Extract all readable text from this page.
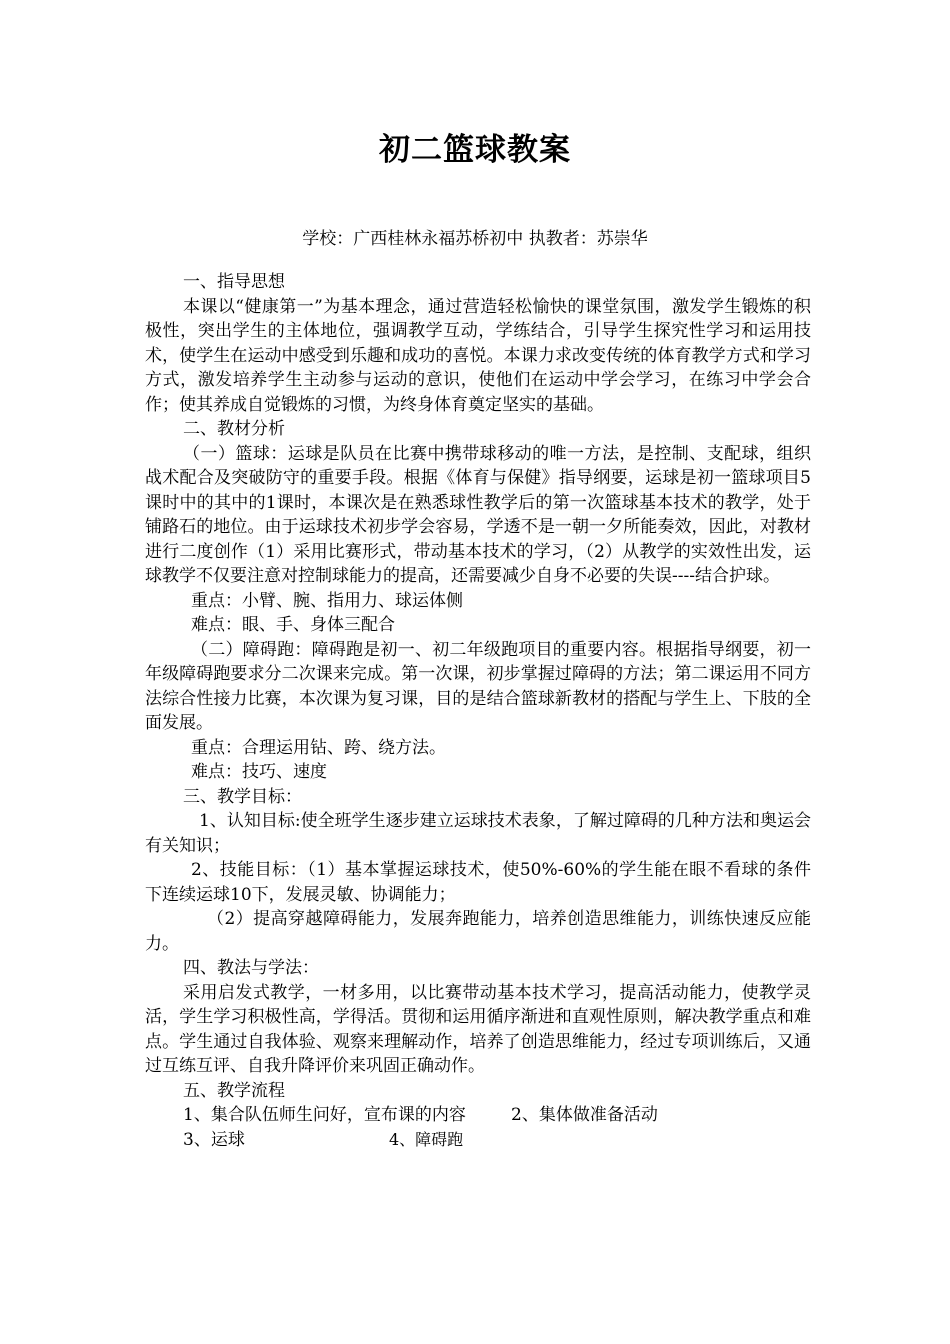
初二篮球教案

学校：广西桂林永福苏桥初中 执教者：苏崇华

一、指导思想

本课以“健康第一”为基本理念，通过营造轻松愉快的课堂氛围，激发学生锻炼的积极性，突出学生的主体地位，强调教学互动，学练结合，引导学生探究性学习和运用技术，使学生在运动中感受到乐趣和成功的喜悦。本课力求改变传统的体育教学方式和学习方式，激发培养学生主动参与运动的意识，使他们在运动中学会学习，在练习中学会合作；使其养成自觉锻炼的习惯，为终身体育奠定坚实的基础。

二、教材分析

（一）篮球：运球是队员在比赛中携带球移动的唯一方法，是控制、支配球，组织战术配合及突破防守的重要手段。根据《体育与保健》指导纲要，运球是初一篮球项目5课时中的其中的1课时，本课次是在熟悉球性教学后的第一次篮球基本技术的教学，处于铺路石的地位。由于运球技术初步学会容易，学透不是一朝一夕所能奏效，因此，对教材进行二度创作（1）采用比赛形式，带动基本技术的学习，（2）从教学的实效性出发，运球教学不仅要注意对控制球能力的提高，还需要减少自身不必要的失误----结合护球。

重点：小臂、腕、指用力、球运体侧

难点：眼、手、身体三配合

（二）障碍跑：障碍跑是初一、初二年级跑项目的重要内容。根据指导纲要，初一年级障碍跑要求分二次课来完成。第一次课，初步掌握过障碍的方法；第二课运用不同方法综合性接力比赛，本次课为复习课，目的是结合篮球新教材的搭配与学生上、下肢的全面发展。

重点：合理运用钻、跨、绕方法。

难点：技巧、速度

三、教学目标：

1、认知目标:使全班学生逐步建立运球技术表象，了解过障碍的几种方法和奥运会有关知识；

2、技能目标：（1）基本掌握运球技术，使50%-60%的学生能在眼不看球的条件下连续运球10下，发展灵敏、协调能力；

（2）提高穿越障碍能力，发展奔跑能力，培养创造思维能力，训练快速反应能力。

四、教法与学法：

采用启发式教学，一材多用，以比赛带动基本技术学习，提高活动能力，使教学灵活，学生学习积极性高，学得活。贯彻和运用循序渐进和直观性原则，解决教学重点和难点。学生通过自我体验、观察来理解动作，培养了创造思维能力，经过专项训练后，又通过互练互评、自我升降评价来巩固正确动作。

五、教学流程

1、集合队伍师生问好，宣布课的内容	2、集体做准备活动
3、运球	4、障碍跑
